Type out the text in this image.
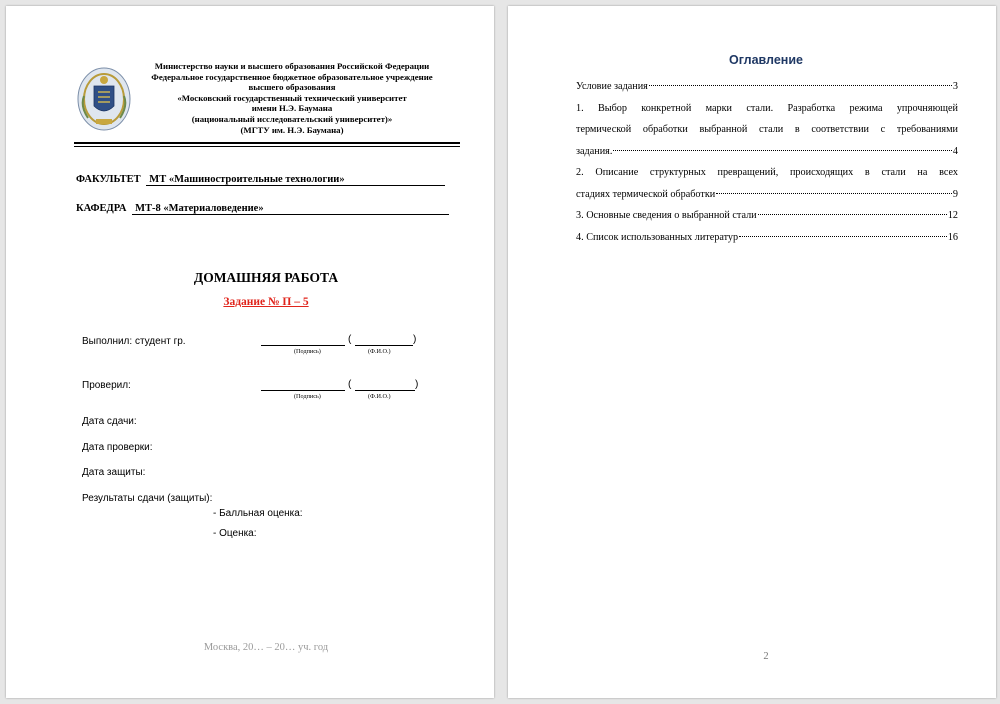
Министерство науки и высшего образования Российской Федерации
Федеральное государственное бюджетное образовательное учреждение
высшего образования
«Московский государственный технический университет
имени Н.Э. Баумана
(национальный исследовательский университет)»
(МГТУ им. Н.Э. Баумана)
ФАКУЛЬТЕТ МТ «Машиностроительные технологии»
КАФЕДРА МТ-8 «Материаловедение»
ДОМАШНЯЯ РАБОТА
Задание № П – 5
Выполнил: студент гр.	(	)
(Подпись)	(Ф.И.О.)
Проверил:	(	)
(Подпись)	(Ф.И.О.)
Дата сдачи:
Дата проверки:
Дата защиты:
Результаты сдачи (защиты):
- Балльная оценка:
- Оценка:
Москва, 20… – 20… уч. год
Оглавление
Условие задания	3
1. Выбор конкретной марки стали. Разработка режима упрочняющей
термической обработки выбранной стали в соответствии с требованиями
задания.	4
2. Описание структурных превращений, происходящих в стали на всех
стадиях термической обработки	9
3. Основные сведения о выбранной стали	12
4. Список использованных литератур	16
2
